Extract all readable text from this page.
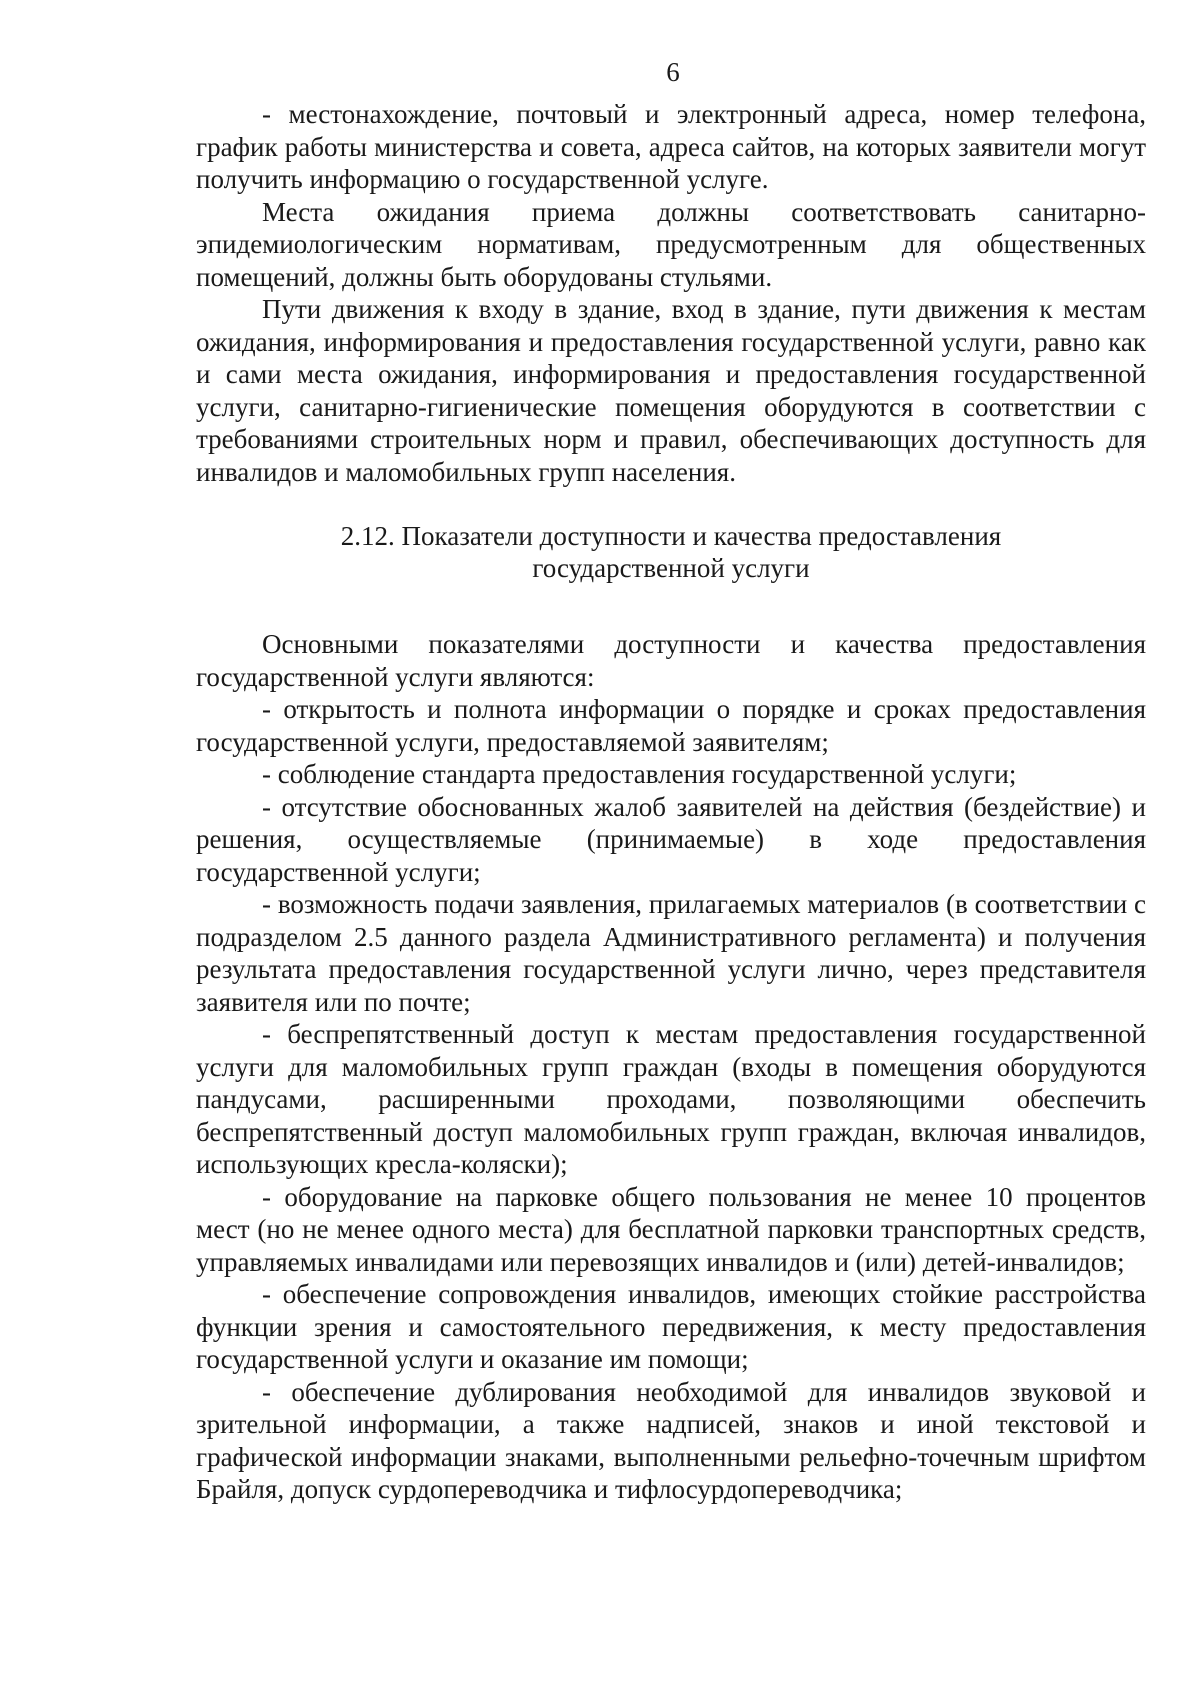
6

- местонахождение, почтовый и электронный адреса, номер телефона, график работы министерства и совета, адреса сайтов, на которых заявители могут получить информацию о государственной услуге.

Места ожидания приема должны соответствовать санитарно-эпидемиологическим нормативам, предусмотренным для общественных помещений, должны быть оборудованы стульями.

Пути движения к входу в здание, вход в здание, пути движения к местам ожидания, информирования и предоставления государственной услуги, равно как и сами места ожидания, информирования и предоставления государственной услуги, санитарно-гигиенические помещения оборудуются в соответствии с требованиями строительных норм и правил, обеспечивающих доступность для инвалидов и маломобильных групп населения.

2.12. Показатели доступности и качества предоставления
государственной услуги

Основными показателями доступности и качества предоставления государственной услуги являются:

- открытость и полнота информации о порядке и сроках предоставления государственной услуги, предоставляемой заявителям;

- соблюдение стандарта предоставления государственной услуги;

- отсутствие обоснованных жалоб заявителей на действия (бездействие) и решения, осуществляемые (принимаемые) в ходе предоставления государственной услуги;

- возможность подачи заявления, прилагаемых материалов (в соответствии с подразделом 2.5 данного раздела Административного регламента) и получения результата предоставления государственной услуги лично, через представителя заявителя или по почте;

- беспрепятственный доступ к местам предоставления государственной услуги для маломобильных групп граждан (входы в помещения оборудуются пандусами, расширенными проходами, позволяющими обеспечить беспрепятственный доступ маломобильных групп граждан, включая инвалидов, использующих кресла-коляски);

- оборудование на парковке общего пользования не менее 10 процентов мест (но не менее одного места) для бесплатной парковки транспортных средств, управляемых инвалидами или перевозящих инвалидов и (или) детей-инвалидов;

- обеспечение сопровождения инвалидов, имеющих стойкие расстройства функции зрения и самостоятельного передвижения, к месту предоставления государственной услуги и оказание им помощи;

- обеспечение дублирования необходимой для инвалидов звуковой и зрительной информации, а также надписей, знаков и иной текстовой и графической информации знаками, выполненными рельефно-точечным шрифтом Брайля, допуск сурдопереводчика и тифлосурдопереводчика;
